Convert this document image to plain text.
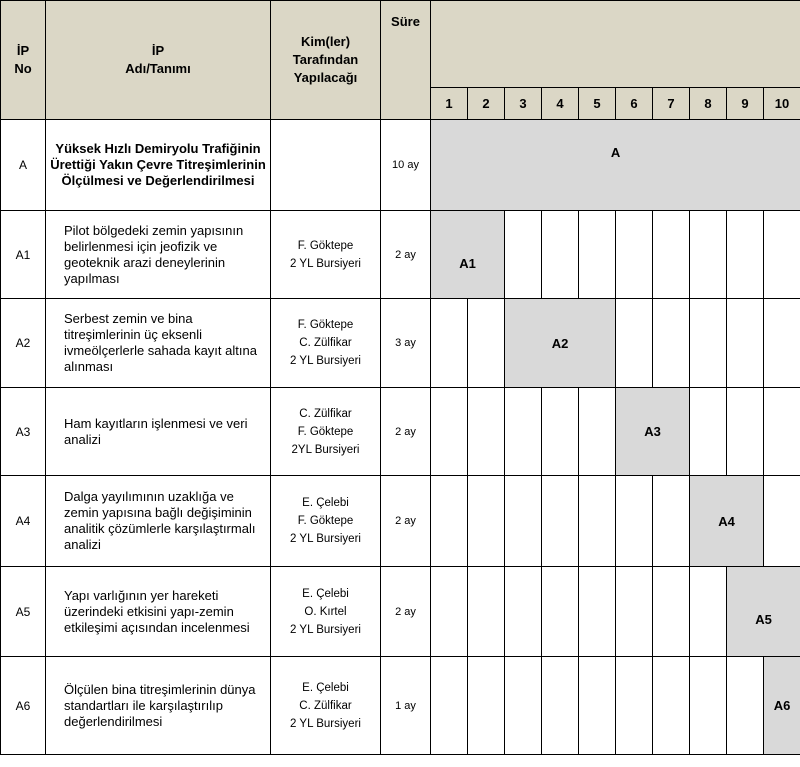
İP
No	İP
Adı/Tanımı	Kim(ler)
Tarafından
Yapılacağı	Süre										
				1	2	3	4	5	6	7	8	9	10
A	Yüksek Hızlı Demiryolu Trafiğinin Ürettiği Yakın Çevre Titreşimlerinin Ölçülmesi ve Değerlendirilmesi		10 ay	A									
A1	Pilot bölgedeki zemin yapısının belirlenmesi için jeofizik ve geoteknik arazi deneylerinin yapılması	F. Göktepe
2 YL Bursiyeri	2 ay	A1									
A2	Serbest zemin ve bina titreşimlerinin üç eksenli ivmeölçerlerle sahada kayıt altına alınması	F. Göktepe
C. Zülfikar
2 YL Bursiyeri	3 ay			A2							
A3	Ham kayıtların işlenmesi ve veri analizi	C. Zülfikar
F. Göktepe
2YL Bursiyeri	2 ay						A3				
A4	Dalga yayılımının uzaklığa ve zemin yapısına bağlı değişiminin analitik çözümlerle karşılaştırmalı analizi	E. Çelebi
F. Göktepe
2 YL Bursiyeri	2 ay								A4		
A5	Yapı varlığının yer hareketi üzerindeki etkisini yapı-zemin etkileşimi açısından incelenmesi	E. Çelebi
O. Kırtel
2 YL Bursiyeri	2 ay									A5	
A6	Ölçülen bina titreşimlerinin dünya standartları ile karşılaştırılıp değerlendirilmesi	E. Çelebi
C. Zülfikar
2 YL Bursiyeri	1 ay										A6
